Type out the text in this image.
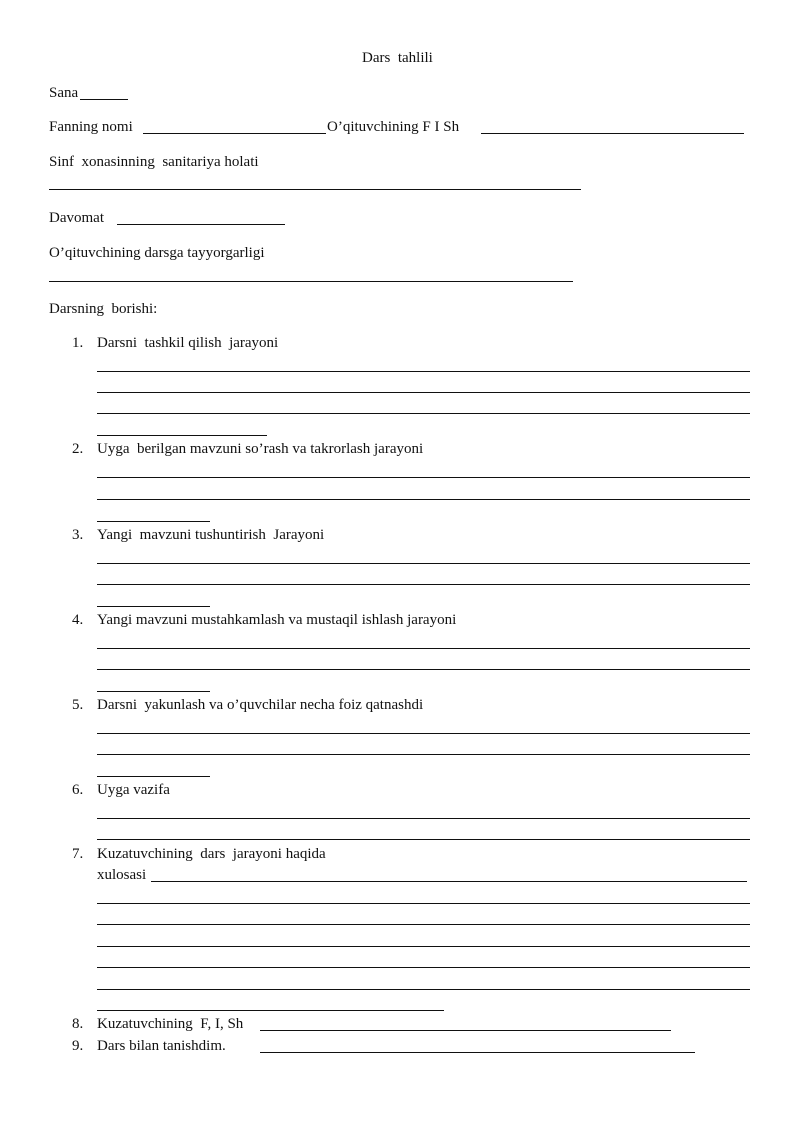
Dars  tahlili
Sana
Fanning nomi	O’qituvchining F I Sh
Sinf  xonasinning  sanitariya holati
Davomat
O’qituvchining darsga tayyorgarligi
Darsning  borishi:
1. Darsni  tashkil qilish  jarayoni
2. Uyga  berilgan mavzuni so’rash va takrorlash jarayoni
3. Yangi  mavzuni tushuntirish  Jarayoni
4. Yangi mavzuni mustahkamlash va mustaqil ishlash jarayoni
5. Darsni  yakunlash va o’quvchilar necha foiz qatnashdi
6. Uyga vazifa
7. Kuzatuvchining  dars  jarayoni haqida
xulosasi
8. Kuzatuvchining  F, I, Sh
9. Dars bilan tanishdim.
